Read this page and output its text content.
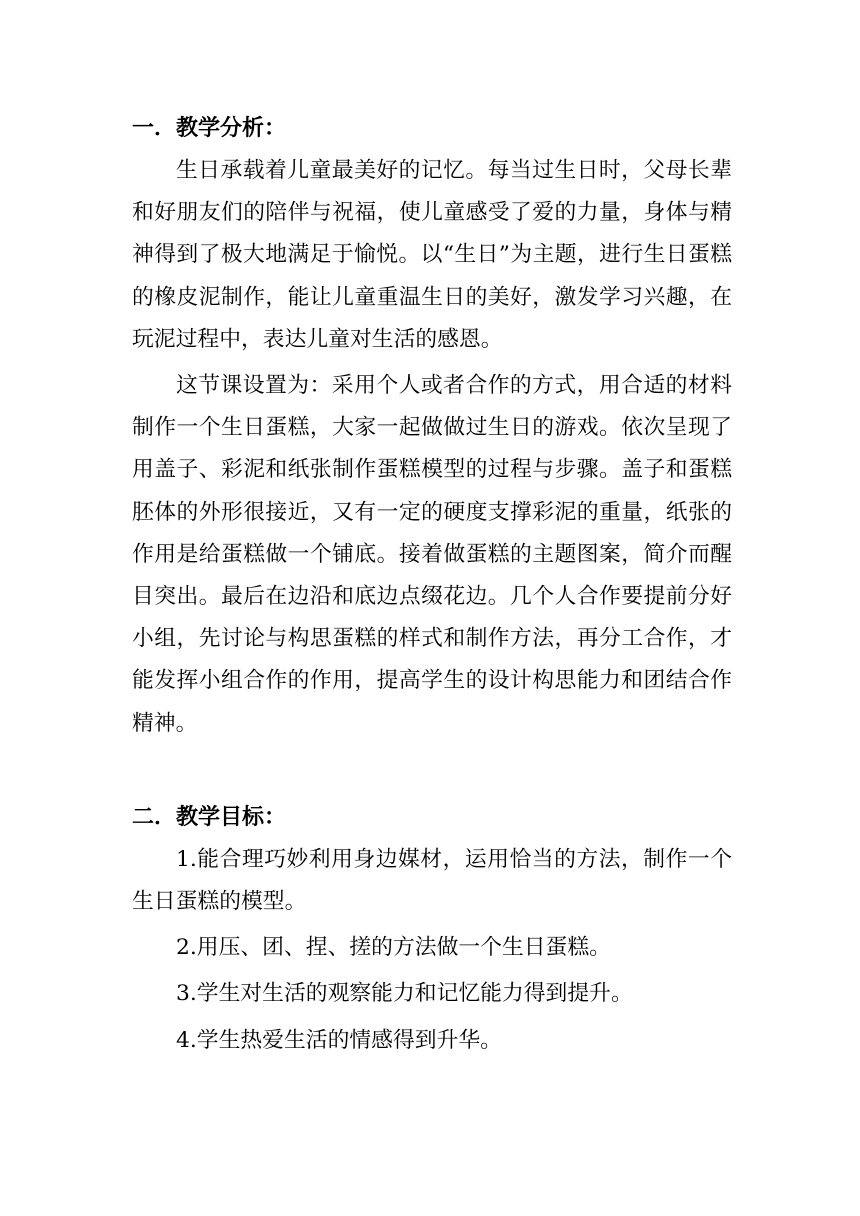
一．教学分析：

生日承载着儿童最美好的记忆。每当过生日时，父母长辈和好朋友们的陪伴与祝福，使儿童感受了爱的力量，身体与精神得到了极大地满足于愉悦。以“生日”为主题，进行生日蛋糕的橡皮泥制作，能让儿童重温生日的美好，激发学习兴趣，在玩泥过程中，表达儿童对生活的感恩。

这节课设置为：采用个人或者合作的方式，用合适的材料制作一个生日蛋糕，大家一起做做过生日的游戏。依次呈现了用盖子、彩泥和纸张制作蛋糕模型的过程与步骤。盖子和蛋糕胚体的外形很接近，又有一定的硬度支撑彩泥的重量，纸张的作用是给蛋糕做一个铺底。接着做蛋糕的主题图案，简介而醒目突出。最后在边沿和底边点缀花边。几个人合作要提前分好小组，先讨论与构思蛋糕的样式和制作方法，再分工合作，才能发挥小组合作的作用，提高学生的设计构思能力和团结合作精神。

二．教学目标：

1.能合理巧妙利用身边媒材，运用恰当的方法，制作一个生日蛋糕的模型。

2.用压、团、捏、搓的方法做一个生日蛋糕。

3.学生对生活的观察能力和记忆能力得到提升。

4.学生热爱生活的情感得到升华。
